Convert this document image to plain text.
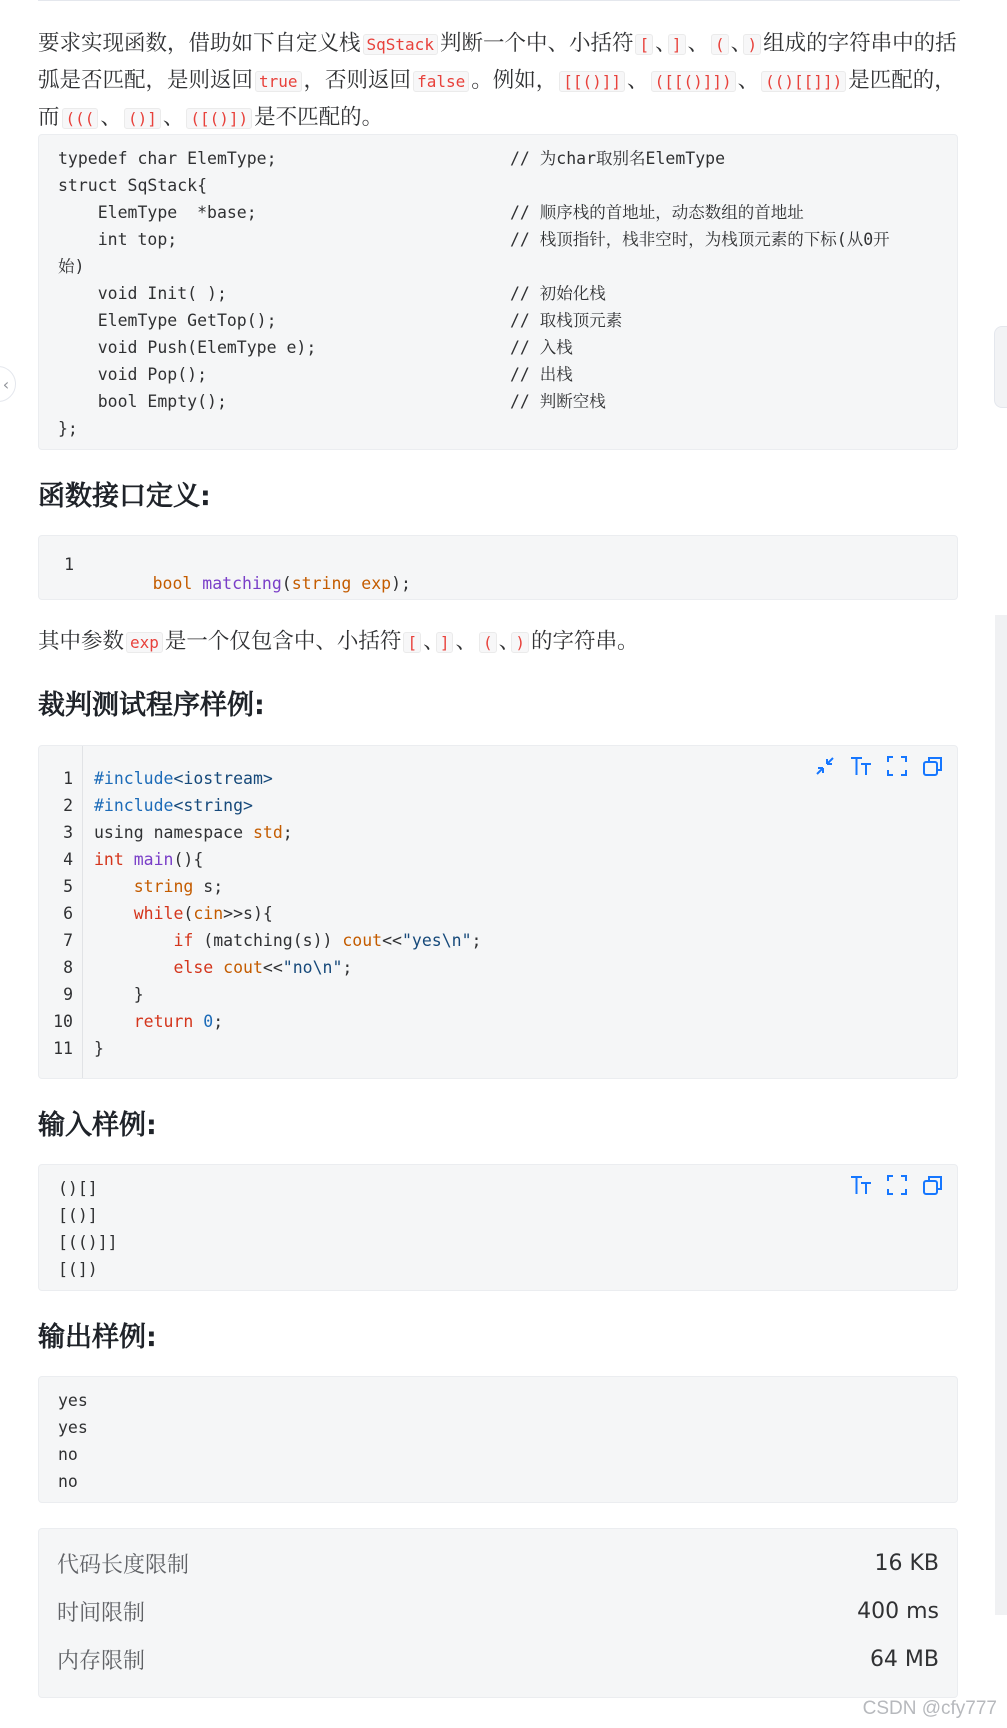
‹
要求实现函数，借助如下自定义栈 SqStack 判断一个中、小括符 [ 、 ] 、 ( 、 ) 组成的字符串中的括弧是否匹配，是则返回 true ，否则返回 false 。例如， [[()]] 、 ([[()]]) 、 (()[[]]) 是匹配的，而 ((( 、 ()] 、 ([()]) 是不匹配的。
typedef char ElemType;	// 为char取别名ElemType
struct SqStack{
ElemType  *base;	// 顺序栈的首地址，动态数组的首地址
int top;	// 栈顶指针，栈非空时，为栈顶元素的下标(从0开
始)
void Init( );	// 初始化栈
ElemType GetTop();	// 取栈顶元素
void Push(ElemType e);	// 入栈
void Pop();	// 出栈
bool Empty();	// 判断空栈
};
函数接口定义:
1

bool matching(string exp);

其中参数 exp 是一个仅包含中、小括符 [ 、 ] 、 ( 、 ) 的字符串。
裁判测试程序样例:
1
2
3
4
5
6
7
8
9
10
11
#include<iostream>
#include<string>
using namespace std;
int main(){
string s;
while(cin>>s){
if (matching(s)) cout<<"yes\n";
else cout<<"no\n";
}
return 0;
}
输入样例:
()[]
[()]
[(()]]
[(])
输出样例:
yes
yes
no
no
代码长度限制	16 KB
时间限制	400 ms
内存限制	64 MB
CSDN @cfy777
